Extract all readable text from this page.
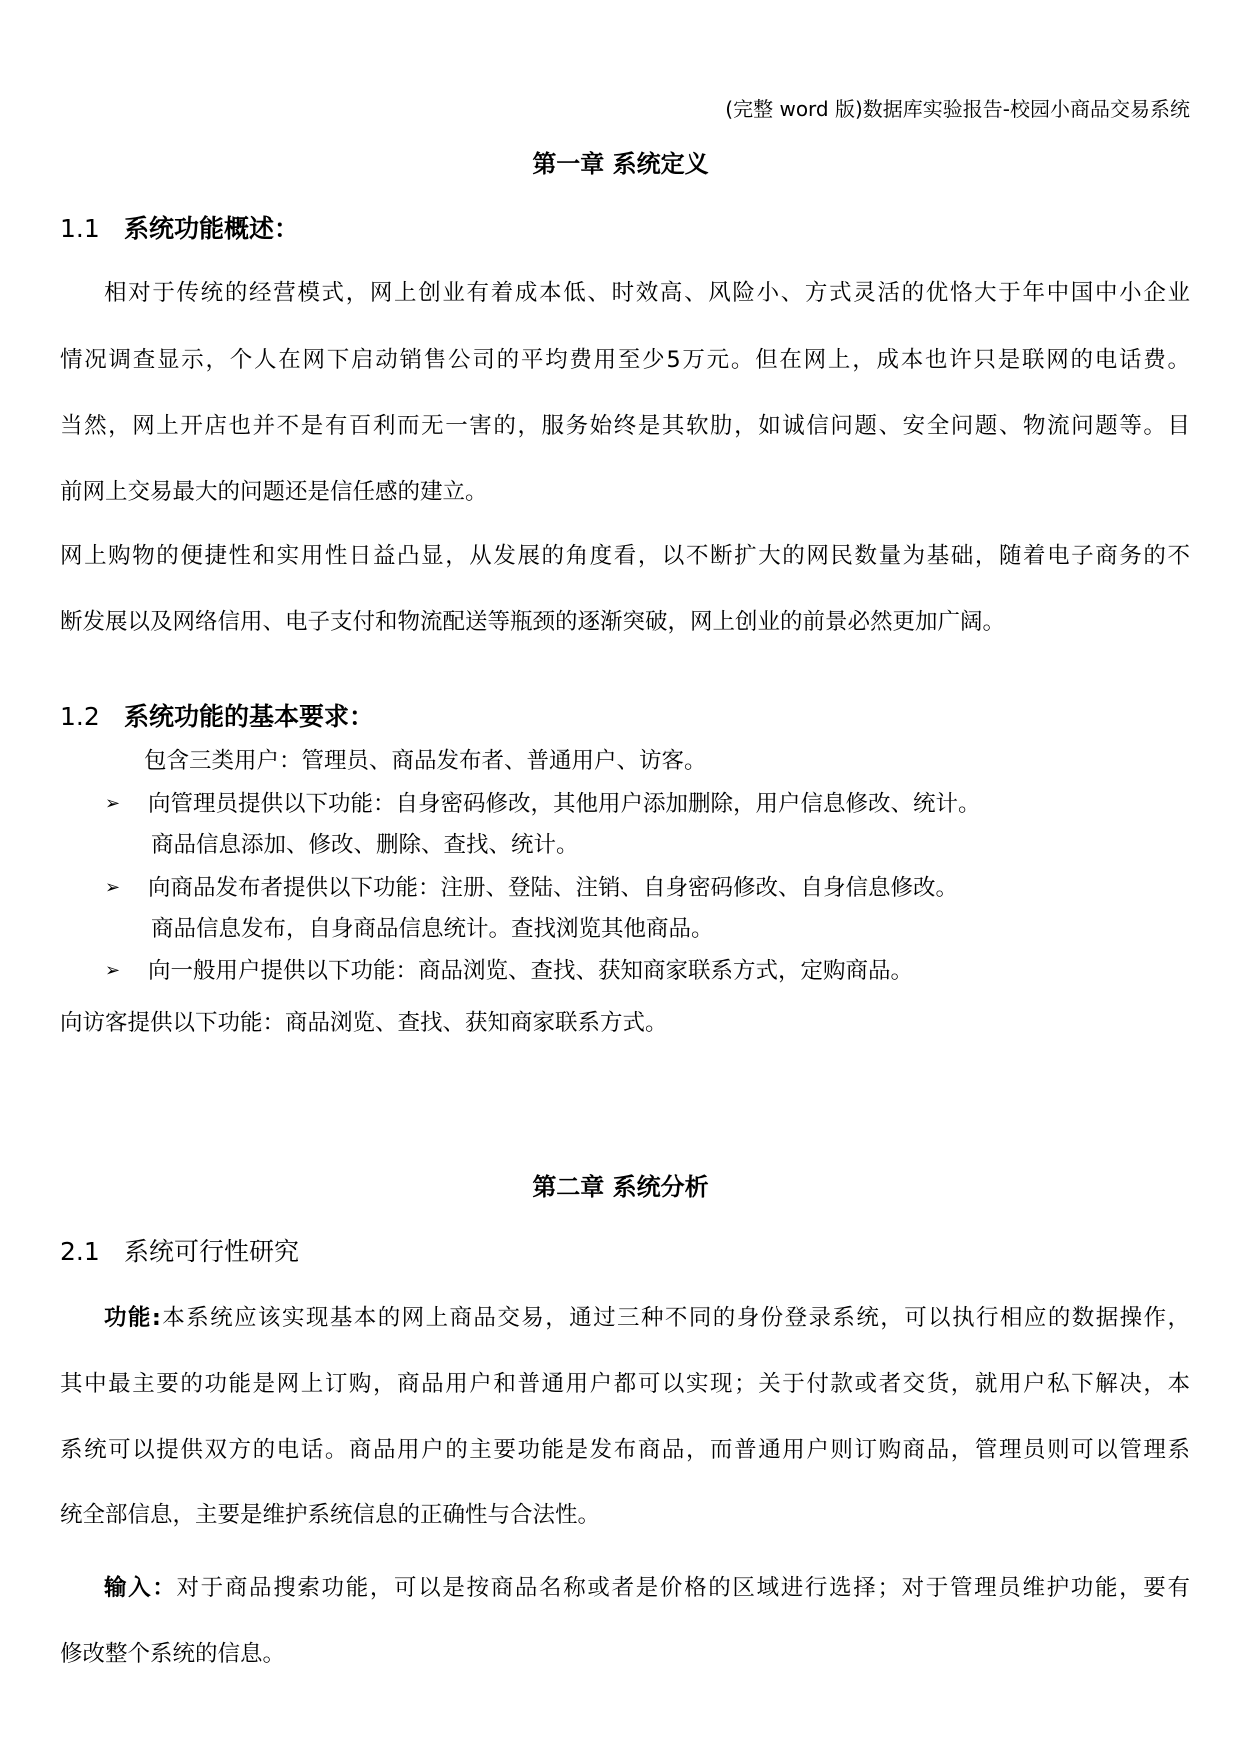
(完整 word 版)数据库实验报告-校园小商品交易系统
第一章 系统定义
1.1 系统功能概述：
相对于传统的经营模式，网上创业有着成本低、时效高、风险小、方式灵活的优恪大于年中国中小企业
情况调查显示，个人在网下启动销售公司的平均费用至少5万元。但在网上，成本也许只是联网的电话费。
当然，网上开店也并不是有百利而无一害的，服务始终是其软肋，如诚信问题、安全问题、物流问题等。目
前网上交易最大的问题还是信任感的建立。
网上购物的便捷性和实用性日益凸显，从发展的角度看，以不断扩大的网民数量为基础，随着电子商务的不
断发展以及网络信用、电子支付和物流配送等瓶颈的逐渐突破，网上创业的前景必然更加广阔。
1.2 系统功能的基本要求：
包含三类用户：管理员、商品发布者、普通用户、访客。
➢ 向管理员提供以下功能：自身密码修改，其他用户添加删除，用户信息修改、统计。
商品信息添加、修改、删除、查找、统计。
➢ 向商品发布者提供以下功能：注册、登陆、注销、自身密码修改、自身信息修改。
商品信息发布，自身商品信息统计。查找浏览其他商品。
➢ 向一般用户提供以下功能：商品浏览、查找、获知商家联系方式，定购商品。
向访客提供以下功能：商品浏览、查找、获知商家联系方式。
第二章 系统分析
2.1 系统可行性研究
功能:本系统应该实现基本的网上商品交易，通过三种不同的身份登录系统，可以执行相应的数据操作，
其中最主要的功能是网上订购，商品用户和普通用户都可以实现；关于付款或者交货，就用户私下解决，本
系统可以提供双方的电话。商品用户的主要功能是发布商品，而普通用户则订购商品，管理员则可以管理系
统全部信息，主要是维护系统信息的正确性与合法性。
输入：对于商品搜索功能，可以是按商品名称或者是价格的区域进行选择；对于管理员维护功能，要有
修改整个系统的信息。
